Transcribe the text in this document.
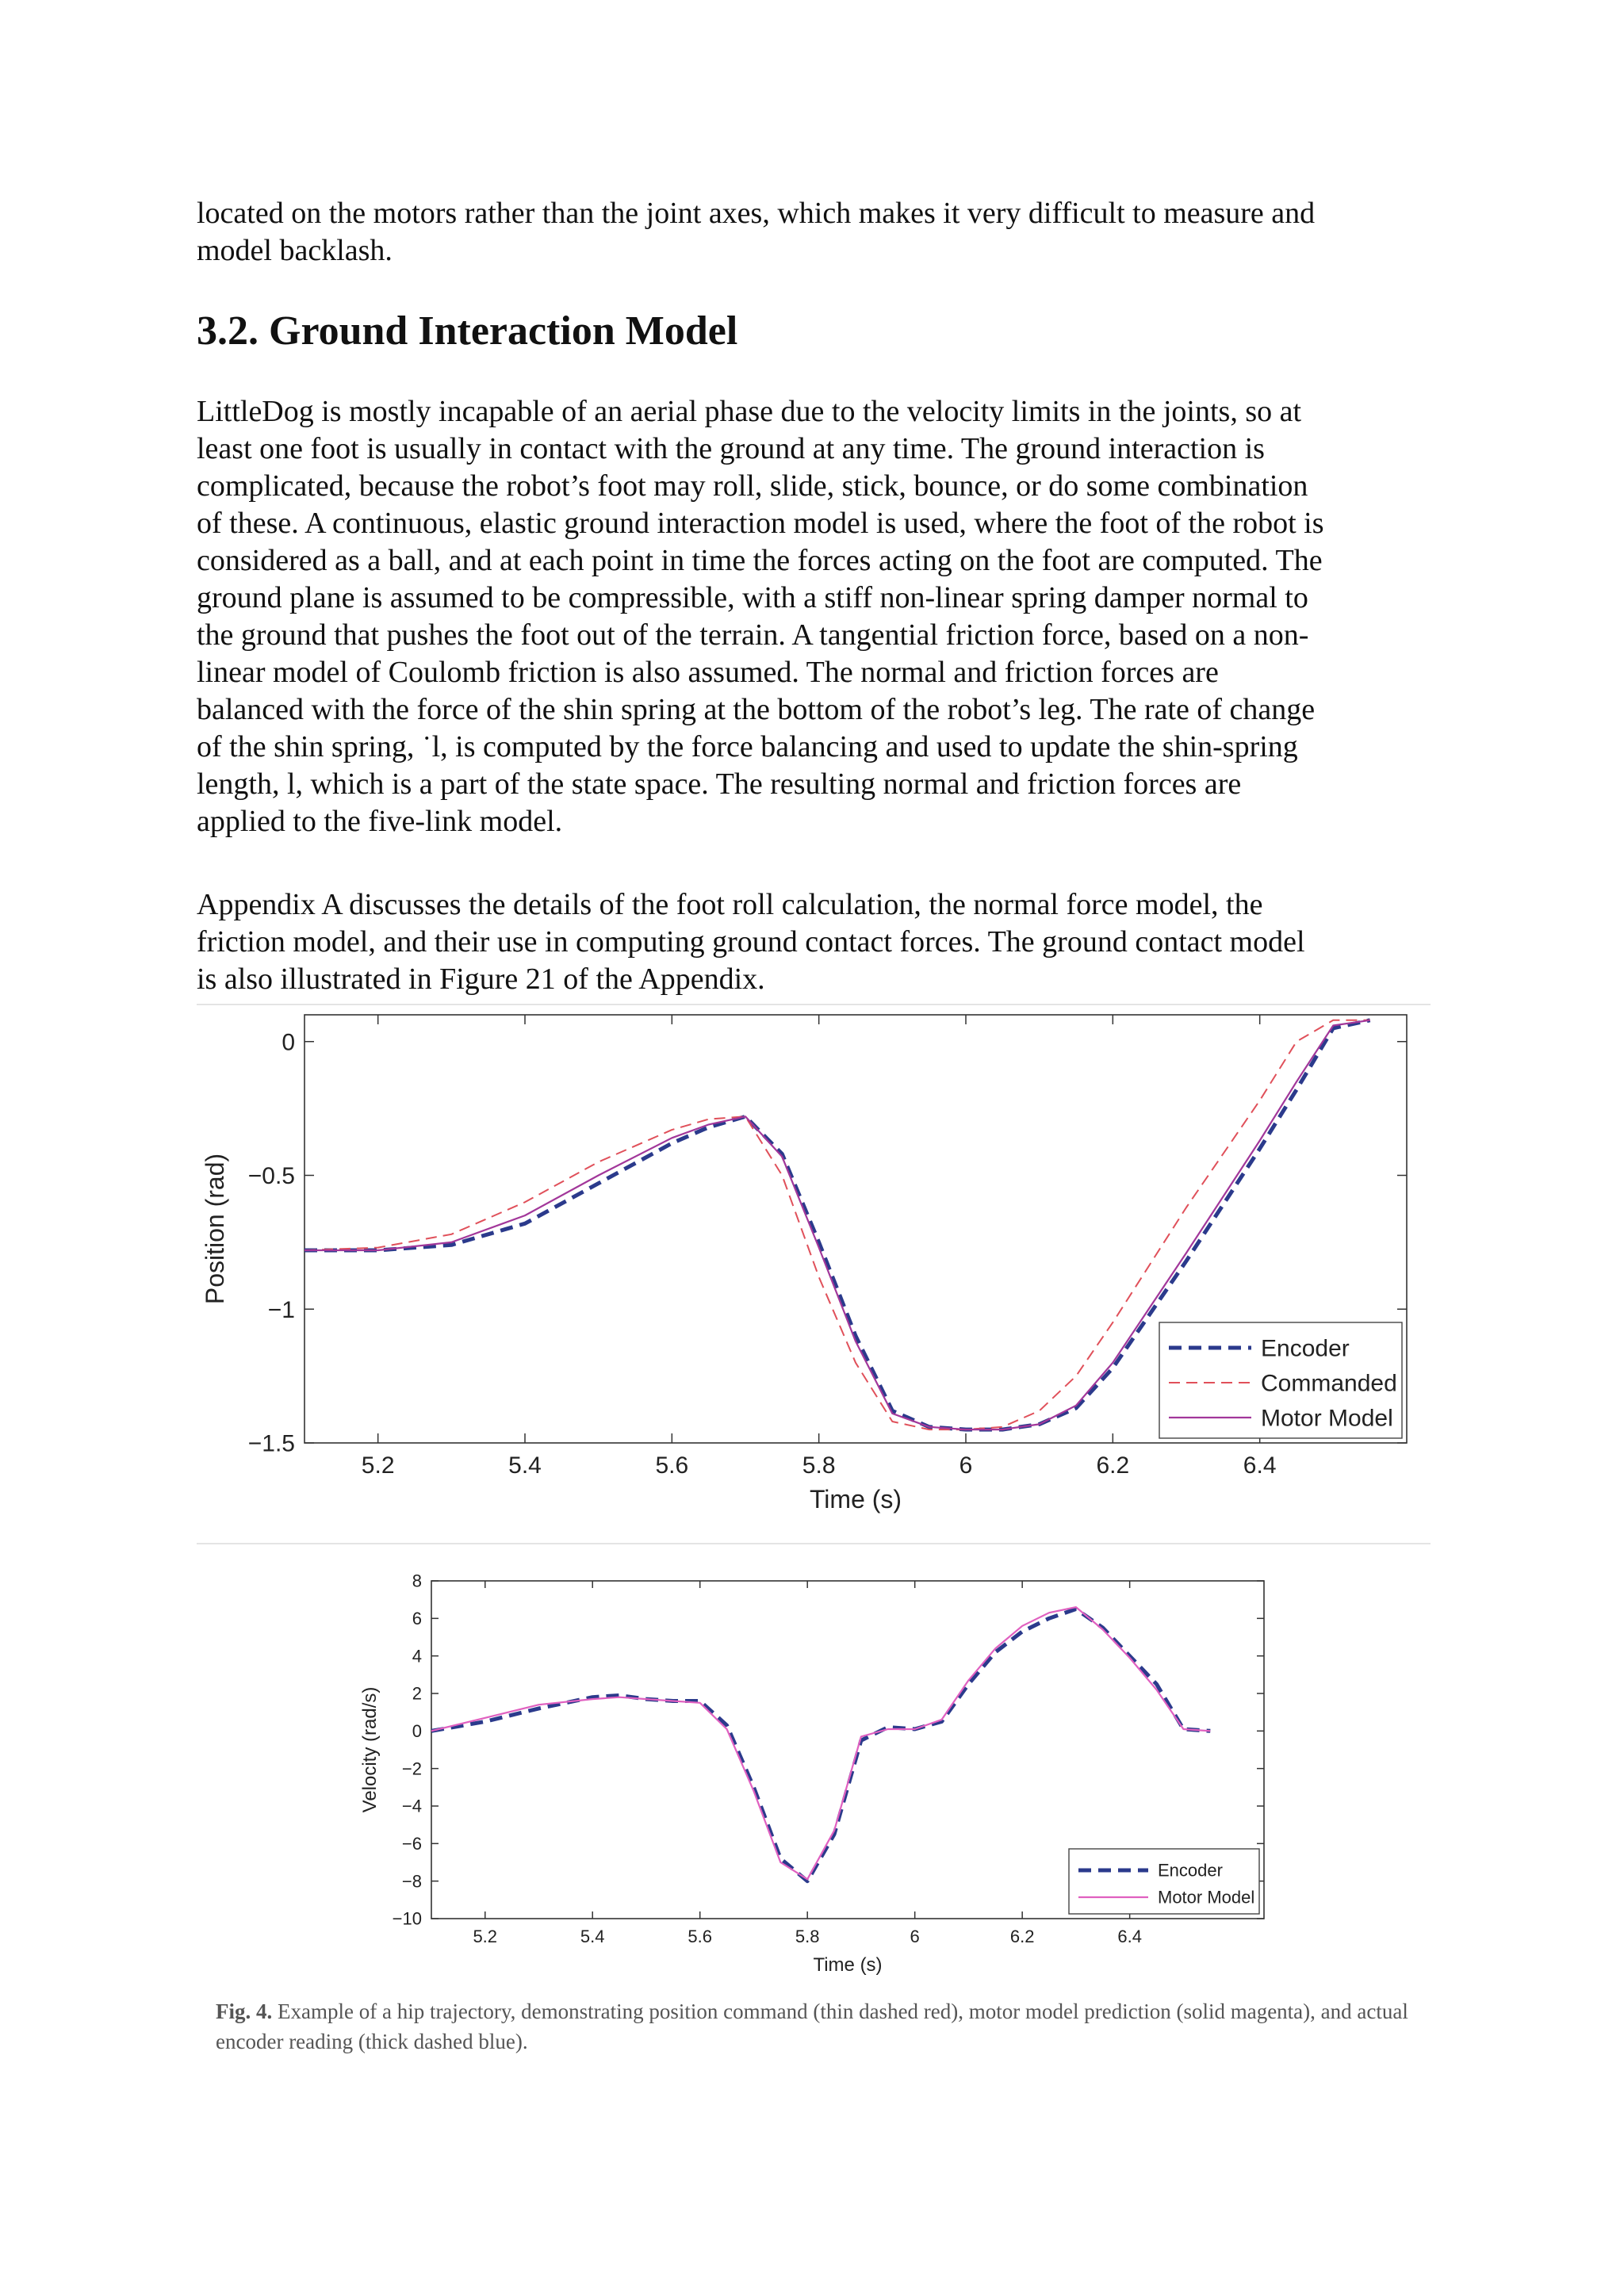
located on the motors rather than the joint axes, which makes it very difficult to measure and
model backlash.
3.2. Ground Interaction Model
LittleDog is mostly incapable of an aerial phase due to the velocity limits in the joints, so at
least one foot is usually in contact with the ground at any time. The ground interaction is
complicated, because the robot’s foot may roll, slide, stick, bounce, or do some combination
of these. A continuous, elastic ground interaction model is used, where the foot of the robot is
considered as a ball, and at each point in time the forces acting on the foot are computed. The
ground plane is assumed to be compressible, with a stiff non-linear spring damper normal to
the ground that pushes the foot out of the terrain. A tangential friction force, based on a non-
linear model of Coulomb friction is also assumed. The normal and friction forces are
balanced with the force of the shin spring at the bottom of the robot’s leg. The rate of change
of the shin spring, ˙l, is computed by the force balancing and used to update the shin-spring
length, l, which is a part of the state space. The resulting normal and friction forces are
applied to the five-link model.
Appendix A discusses the details of the foot roll calculation, the normal force model, the
friction model, and their use in computing ground contact forces. The ground contact model
is also illustrated in Figure 21 of the Appendix.
5.2	5.4	5.6	5.8	6	6.2	6.4
0
−0.5
−1
−1.5
Time (s)
Position (rad)
Encoder
Commanded
Motor Model
5.2	5.4	5.6	5.8	6	6.2	6.4
8
6
4
2
0
−2
−4
−6
−8
−10
Time (s)
Velocity (rad/s)
Encoder
Motor Model

Fig. 4. Example of a hip trajectory, demonstrating position command (thin dashed red), motor model prediction (solid magenta), and actual encoder reading (thick dashed blue).
